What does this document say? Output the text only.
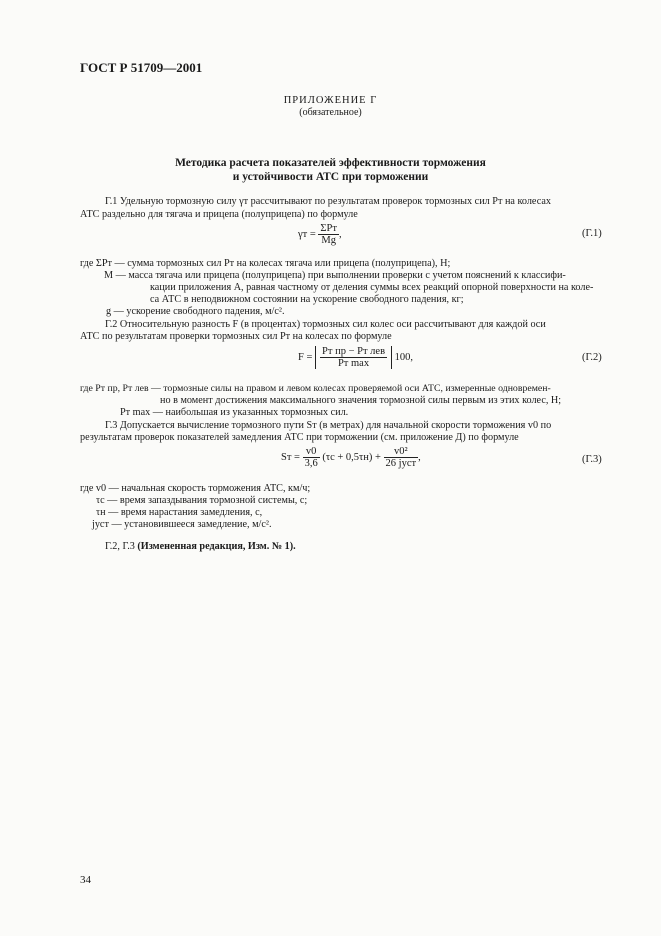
ГОСТ Р 51709—2001
ПРИЛОЖЕНИЕ Г
(обязательное)
Методика расчета показателей эффективности торможения
и устойчивости АТС при торможении
Г.1 Удельную тормозную силу γт рассчитывают по результатам проверок тормозных сил Pт на колесах
АТС раздельно для тягача и прицепа (полуприцепа) по формуле
$\gamma т = \frac{\text{ΣPт}}{Mg}$ ,	(Г.1)
где ΣPт — сумма тормозных сил Pт на колесах тягача или прицепа (полуприцепа), Н;
M — масса тягача или прицепа (полуприцепа) при выполнении проверки с учетом пояснений к классифи-
кации приложения А, равная частному от деления суммы всех реакций опорной поверхности на коле-
са АТС в неподвижном состоянии на ускорение свободного падения, кг;
g — ускорение свободного падения, м/с².
Г.2 Относительную разность F (в процентах) тормозных сил колес оси рассчитывают для каждой оси
АТС по результатам проверки тормозных сил Pт на колесах по формуле
$F = \frac{\text{Pт пр − Pт лев}}{\text{Pт max}} 100$,	(Г.2)
где Pт пр, Pт лев — тормозные силы на правом и левом колесах проверяемой оси АТС, измеренные одновремен-
но в момент достижения максимального значения тормозной силы первым из этих колес, Н;
Pт max — наибольшая из указанных тормозных сил.
Г.3 Допускается вычисление тормозного пути Sт (в метрах) для начальной скорости торможения v0 по
результатам проверок показателей замедления АТС при торможении (см. приложение Д) по формуле
Sт = $\frac{v0}{3,6} (\tau с + 0,5\tau н) + \frac{\text{v0²}}{\text{26 jуст}}$ ,	(Г.3)
где v0 — начальная скорость торможения АТС, км/ч;
τс — время запаздывания тормозной системы, с;
τн — время нарастания замедления, с,
jуст — установившееся замедление, м/с².
Г.2, Г.3 (Измененная редакция, Изм. № 1).
34
